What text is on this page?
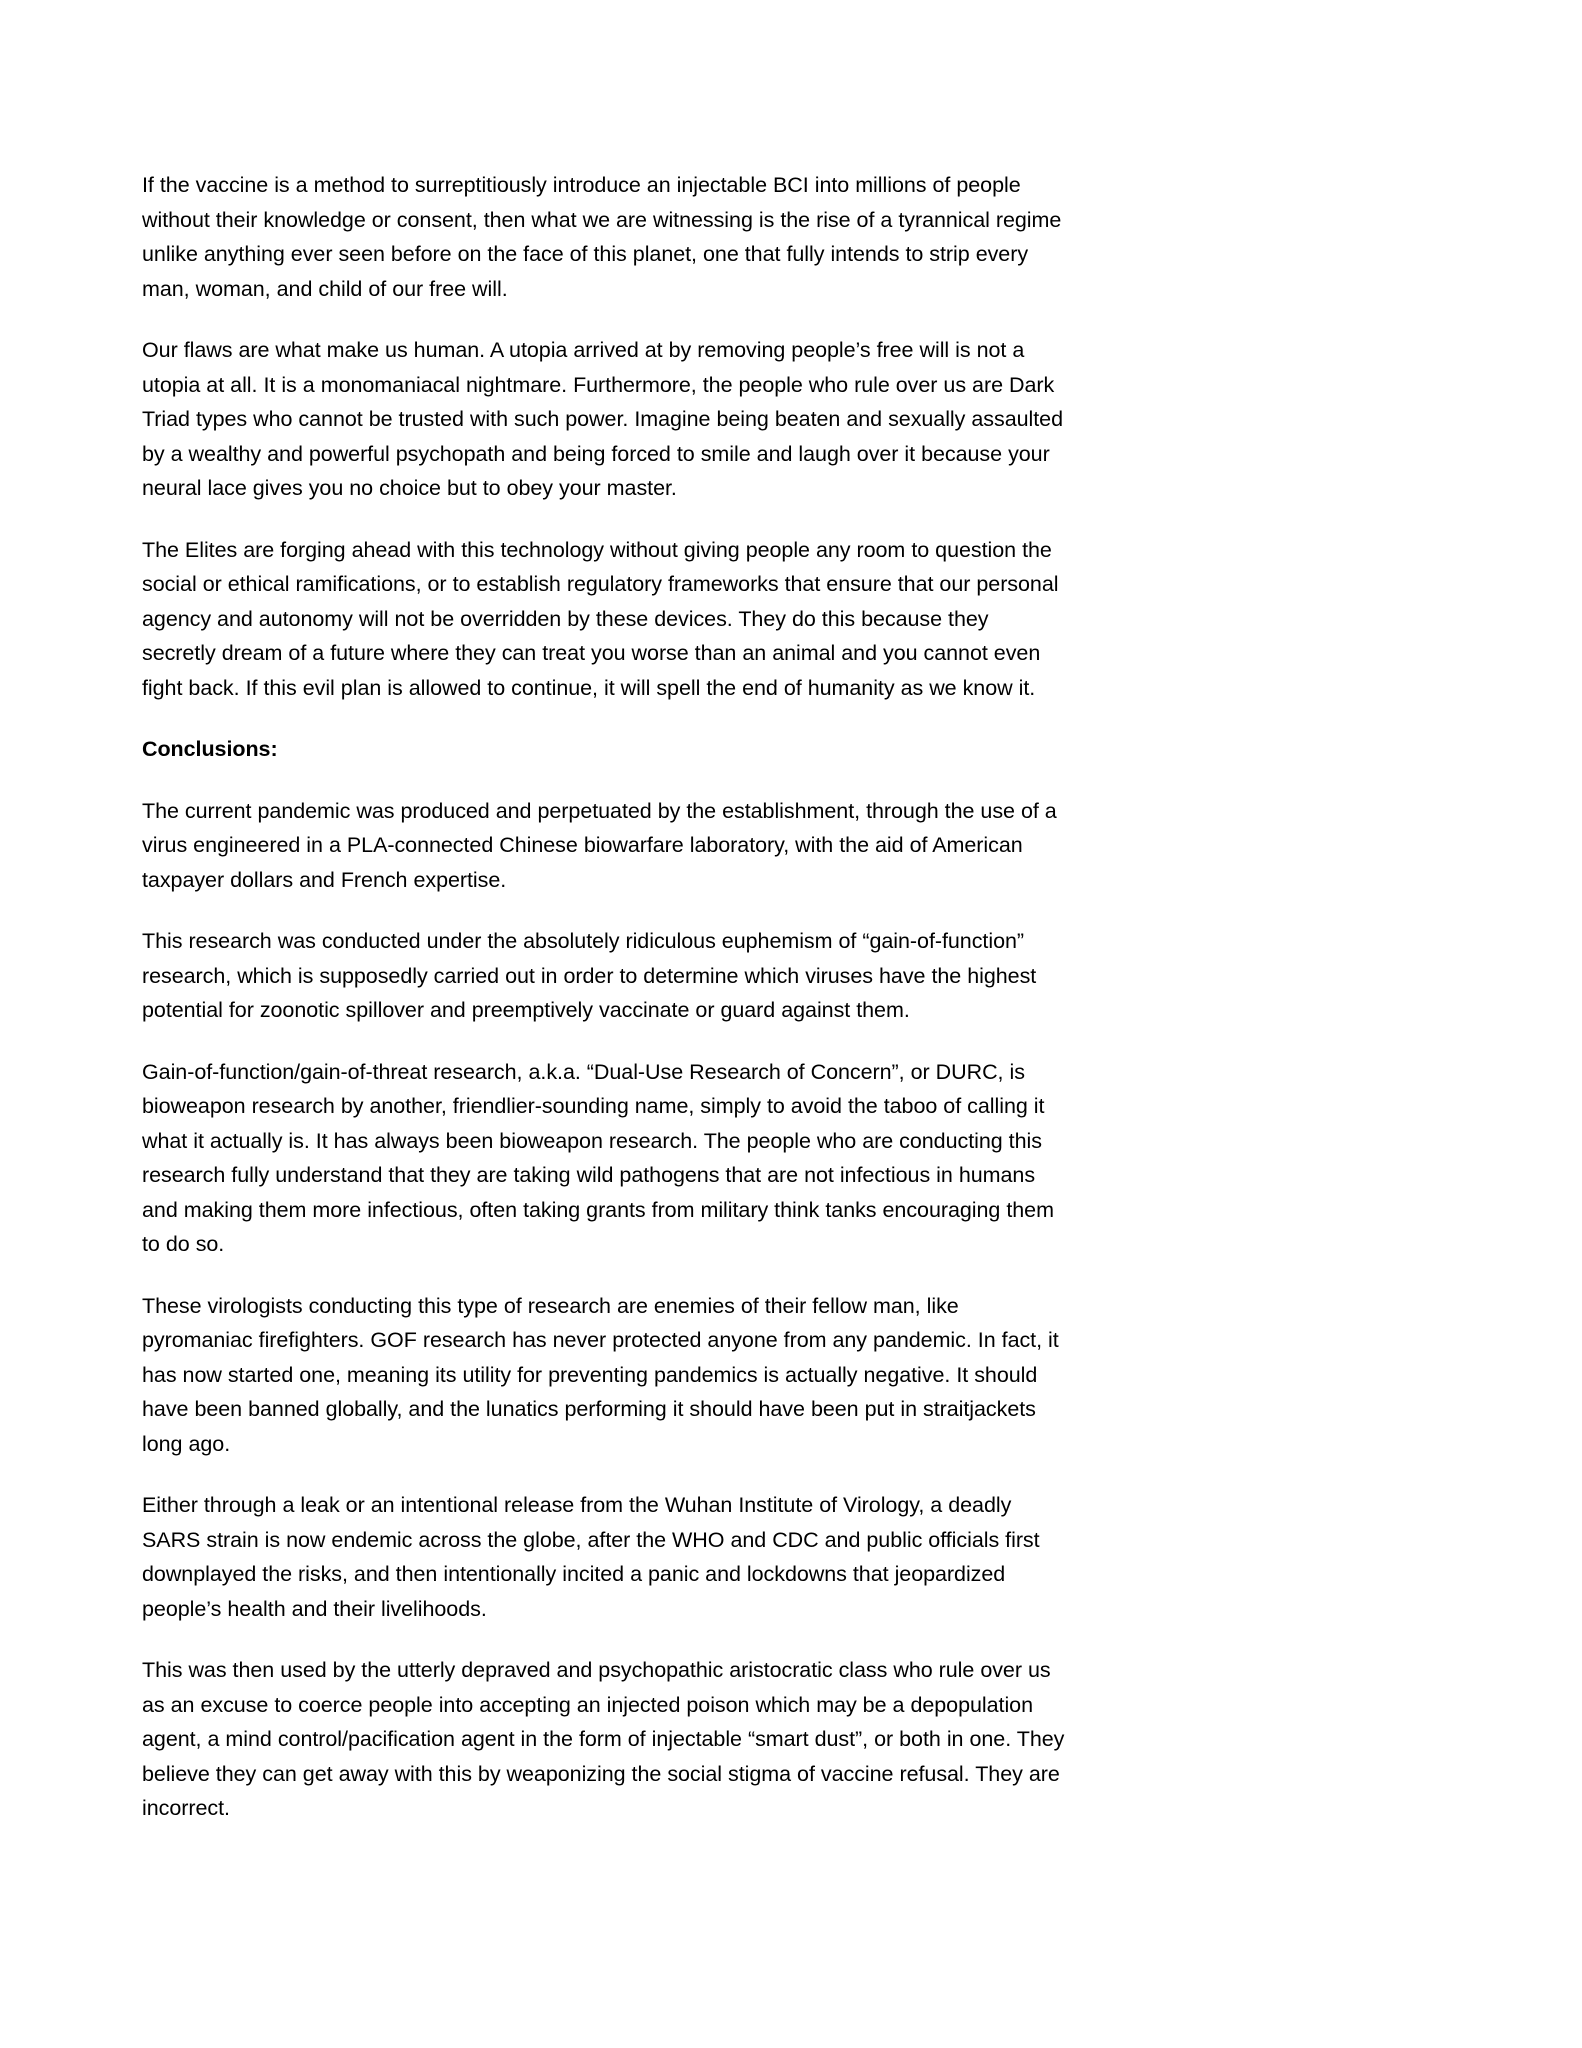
If the vaccine is a method to surreptitiously introduce an injectable BCI into millions of people without their knowledge or consent, then what we are witnessing is the rise of a tyrannical regime unlike anything ever seen before on the face of this planet, one that fully intends to strip every man, woman, and child of our free will.

Our flaws are what make us human. A utopia arrived at by removing people’s free will is not a utopia at all. It is a monomaniacal nightmare. Furthermore, the people who rule over us are Dark Triad types who cannot be trusted with such power. Imagine being beaten and sexually assaulted by a wealthy and powerful psychopath and being forced to smile and laugh over it because your neural lace gives you no choice but to obey your master.

The Elites are forging ahead with this technology without giving people any room to question the social or ethical ramifications, or to establish regulatory frameworks that ensure that our personal agency and autonomy will not be overridden by these devices. They do this because they secretly dream of a future where they can treat you worse than an animal and you cannot even fight back. If this evil plan is allowed to continue, it will spell the end of humanity as we know it.

Conclusions:

The current pandemic was produced and perpetuated by the establishment, through the use of a virus engineered in a PLA-connected Chinese biowarfare laboratory, with the aid of American taxpayer dollars and French expertise.

This research was conducted under the absolutely ridiculous euphemism of “gain-of-function” research, which is supposedly carried out in order to determine which viruses have the highest potential for zoonotic spillover and preemptively vaccinate or guard against them.

Gain-of-function/gain-of-threat research, a.k.a. “Dual-Use Research of Concern”, or DURC, is bioweapon research by another, friendlier-sounding name, simply to avoid the taboo of calling it what it actually is. It has always been bioweapon research. The people who are conducting this research fully understand that they are taking wild pathogens that are not infectious in humans and making them more infectious, often taking grants from military think tanks encouraging them to do so.

These virologists conducting this type of research are enemies of their fellow man, like pyromaniac firefighters. GOF research has never protected anyone from any pandemic. In fact, it has now started one, meaning its utility for preventing pandemics is actually negative. It should have been banned globally, and the lunatics performing it should have been put in straitjackets long ago.

Either through a leak or an intentional release from the Wuhan Institute of Virology, a deadly SARS strain is now endemic across the globe, after the WHO and CDC and public officials first downplayed the risks, and then intentionally incited a panic and lockdowns that jeopardized people’s health and their livelihoods.

This was then used by the utterly depraved and psychopathic aristocratic class who rule over us as an excuse to coerce people into accepting an injected poison which may be a depopulation agent, a mind control/pacification agent in the form of injectable “smart dust”, or both in one. They believe they can get away with this by weaponizing the social stigma of vaccine refusal. They are incorrect.
